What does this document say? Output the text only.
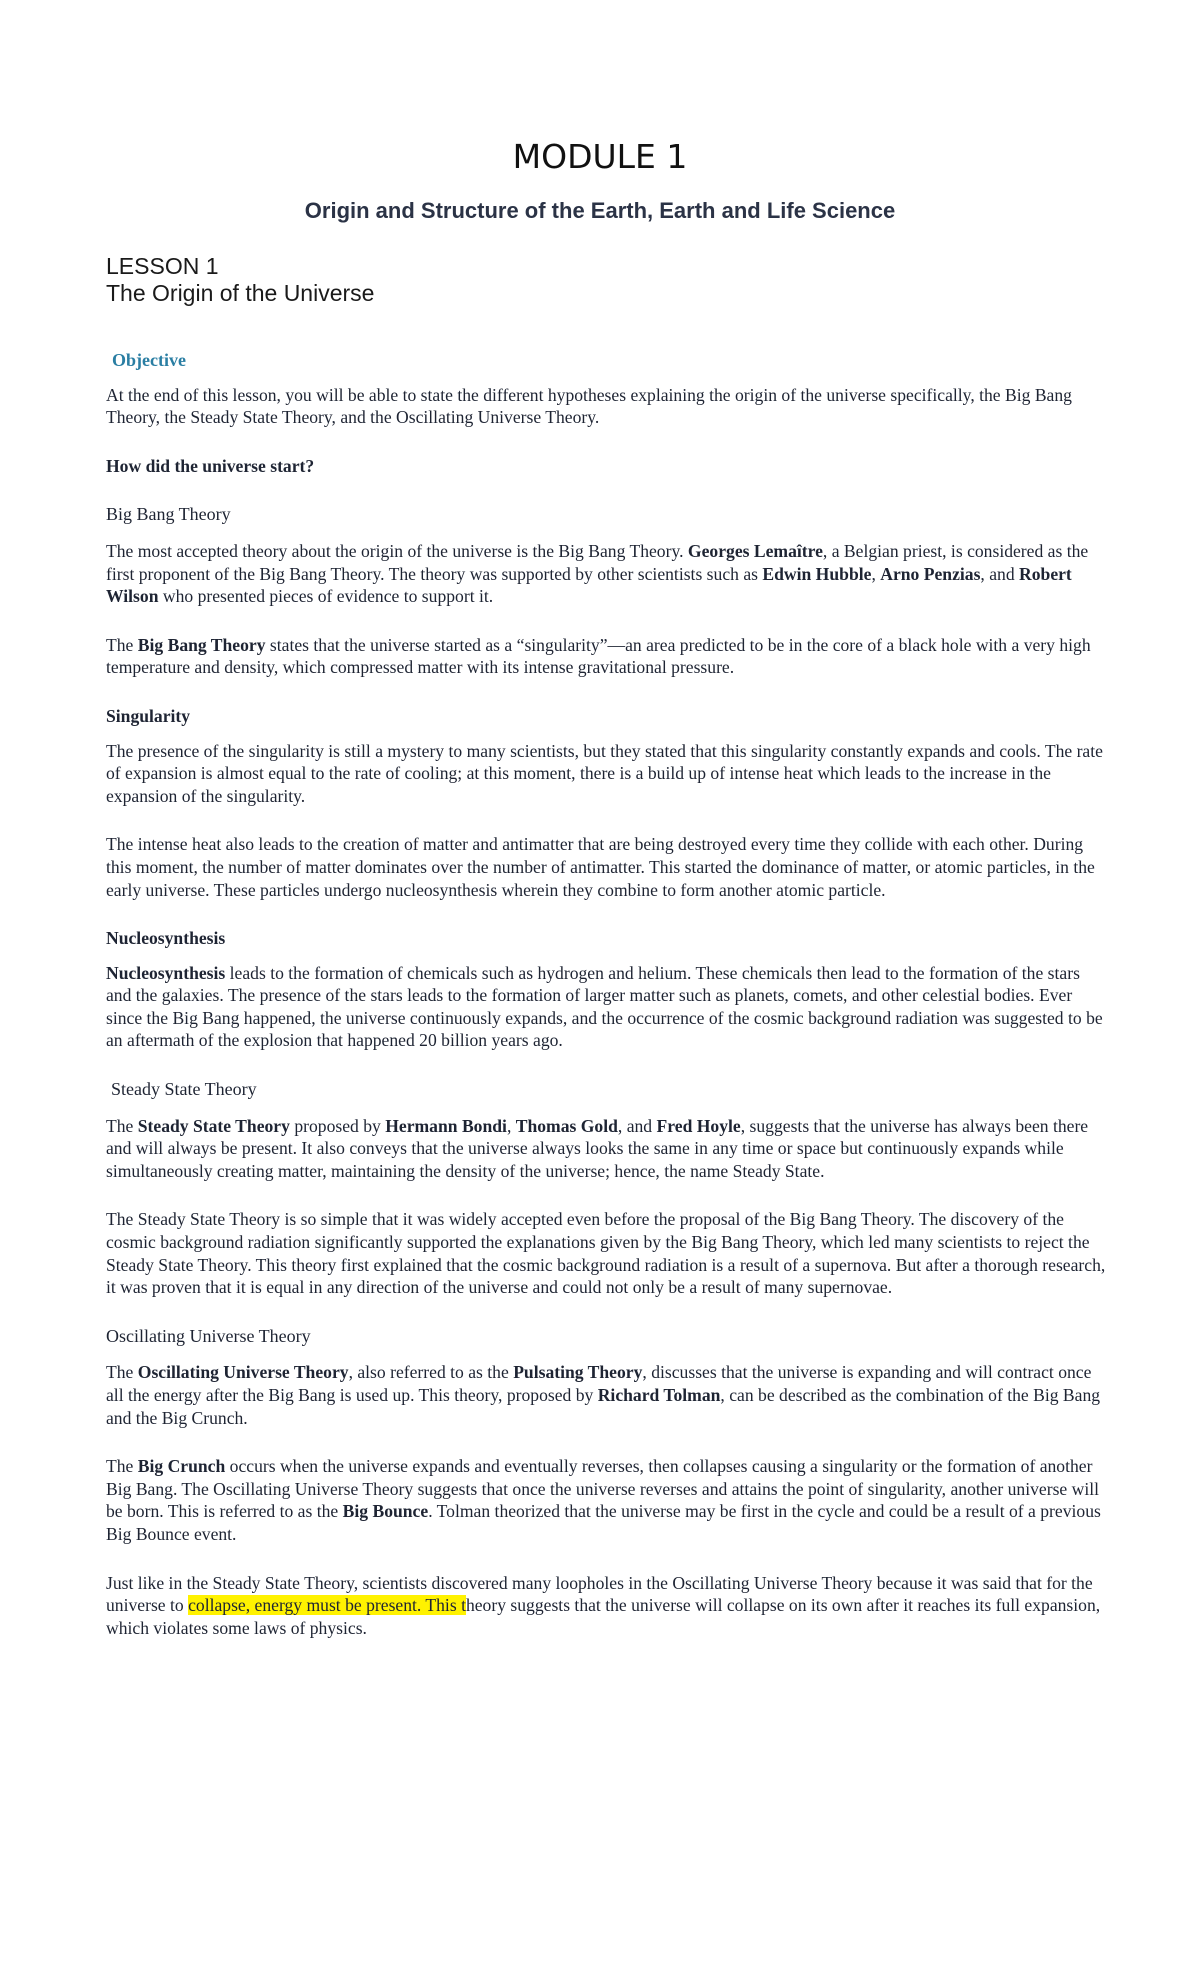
MODULE 1
Origin and Structure of the Earth, Earth and Life Science
LESSON 1
The Origin of the Universe

Objective

At the end of this lesson, you will be able to state the different hypotheses explaining the origin of the universe specifically, the Big Bang Theory, the Steady State Theory, and the Oscillating Universe Theory.

How did the universe start?

Big Bang Theory

The most accepted theory about the origin of the universe is the Big Bang Theory. Georges Lemaître, a Belgian priest, is considered as the first proponent of the Big Bang Theory. The theory was supported by other scientists such as Edwin Hubble, Arno Penzias, and Robert Wilson who presented pieces of evidence to support it.

The Big Bang Theory states that the universe started as a “singularity”—an area predicted to be in the core of a black hole with a very high temperature and density, which compressed matter with its intense gravitational pressure.

Singularity

The presence of the singularity is still a mystery to many scientists, but they stated that this singularity constantly expands and cools. The rate of expansion is almost equal to the rate of cooling; at this moment, there is a build up of intense heat which leads to the increase in the expansion of the singularity.

The intense heat also leads to the creation of matter and antimatter that are being destroyed every time they collide with each other. During this moment, the number of matter dominates over the number of antimatter. This started the dominance of matter, or atomic particles, in the early universe. These particles undergo nucleosynthesis wherein they combine to form another atomic particle.

Nucleosynthesis

Nucleosynthesis leads to the formation of chemicals such as hydrogen and helium. These chemicals then lead to the formation of the stars and the galaxies. The presence of the stars leads to the formation of larger matter such as planets, comets, and other celestial bodies. Ever since the Big Bang happened, the universe continuously expands, and the occurrence of the cosmic background radiation was suggested to be an aftermath of the explosion that happened 20 billion years ago.

Steady State Theory

The Steady State Theory proposed by Hermann Bondi, Thomas Gold, and Fred Hoyle, suggests that the universe has always been there and will always be present. It also conveys that the universe always looks the same in any time or space but continuously expands while simultaneously creating matter, maintaining the density of the universe; hence, the name Steady State.

The Steady State Theory is so simple that it was widely accepted even before the proposal of the Big Bang Theory. The discovery of the cosmic background radiation significantly supported the explanations given by the Big Bang Theory, which led many scientists to reject the Steady State Theory. This theory first explained that the cosmic background radiation is a result of a supernova. But after a thorough research, it was proven that it is equal in any direction of the universe and could not only be a result of many supernovae.

Oscillating Universe Theory

The Oscillating Universe Theory, also referred to as the Pulsating Theory, discusses that the universe is expanding and will contract once all the energy after the Big Bang is used up. This theory, proposed by Richard Tolman, can be described as the combination of the Big Bang and the Big Crunch.

The Big Crunch occurs when the universe expands and eventually reverses, then collapses causing a singularity or the formation of another Big Bang. The Oscillating Universe Theory suggests that once the universe reverses and attains the point of singularity, another universe will be born. This is referred to as the Big Bounce. Tolman theorized that the universe may be first in the cycle and could be a result of a previous Big Bounce event.

Just like in the Steady State Theory, scientists discovered many loopholes in the Oscillating Universe Theory because it was said that for the universe to collapse, energy must be present. This theory suggests that the universe will collapse on its own after it reaches its full expansion, which violates some laws of physics.
